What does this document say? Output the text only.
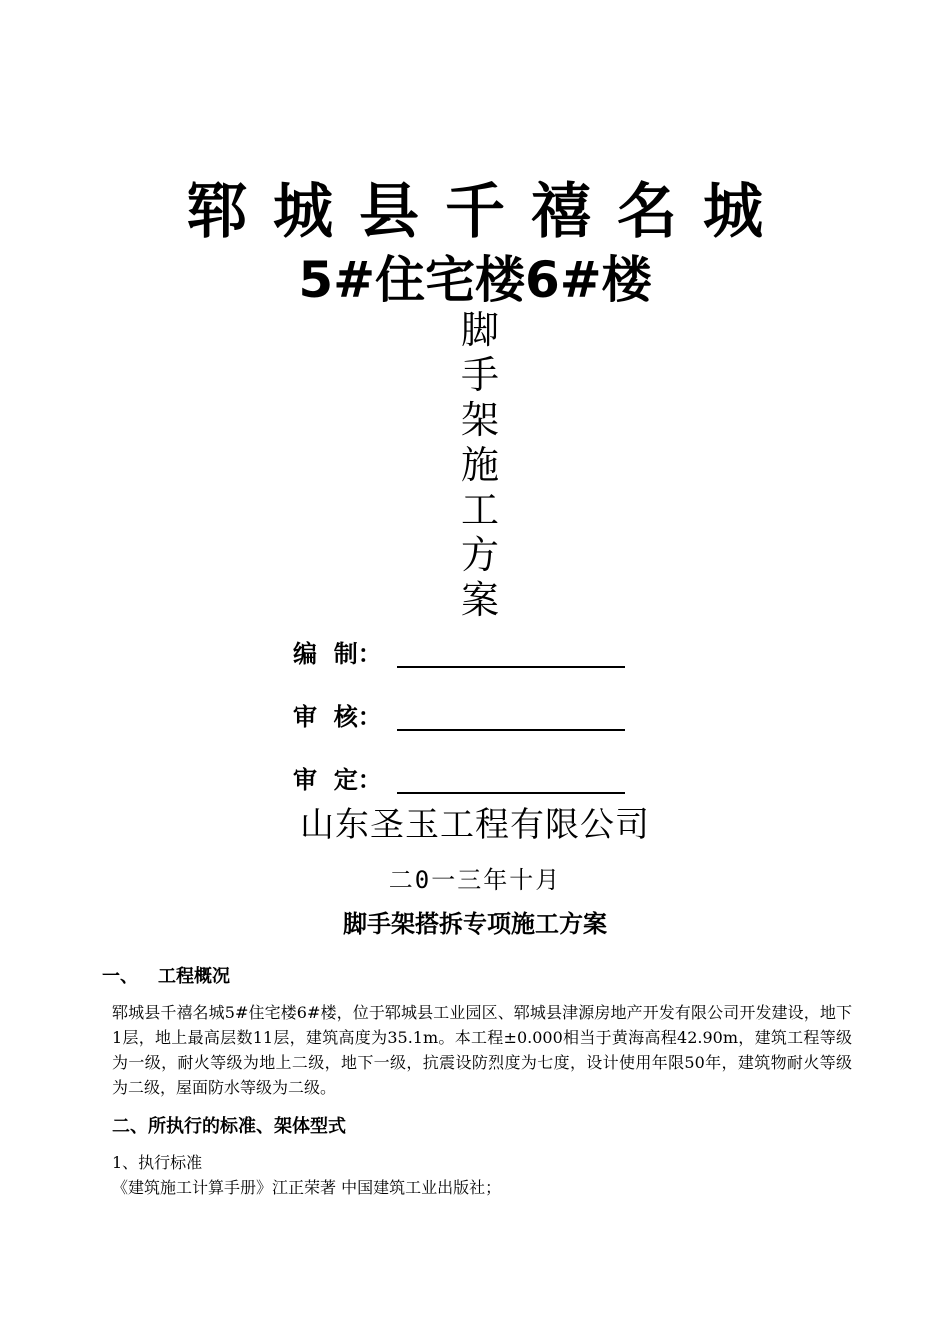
郓城县千禧名城
5#住宅楼6#楼
脚
手
架
施
工
方
案
编  制：
审  核：
审  定：
山东圣玉工程有限公司
二0一三年十月
脚手架搭拆专项施工方案
一、 工程概况
郓城县千禧名城5#住宅楼6#楼，位于郓城县工业园区、郓城县津源房地产开发有限公司开发建设，地下1层，地上最高层数11层，建筑高度为35.1m。本工程±0.000相当于黄海高程42.90m，建筑工程等级为一级，耐火等级为地上二级，地下一级，抗震设防烈度为七度，设计使用年限50年，建筑物耐火等级为二级，屋面防水等级为二级。
二、所执行的标准、架体型式
1、执行标准
《建筑施工计算手册》江正荣著 中国建筑工业出版社；
